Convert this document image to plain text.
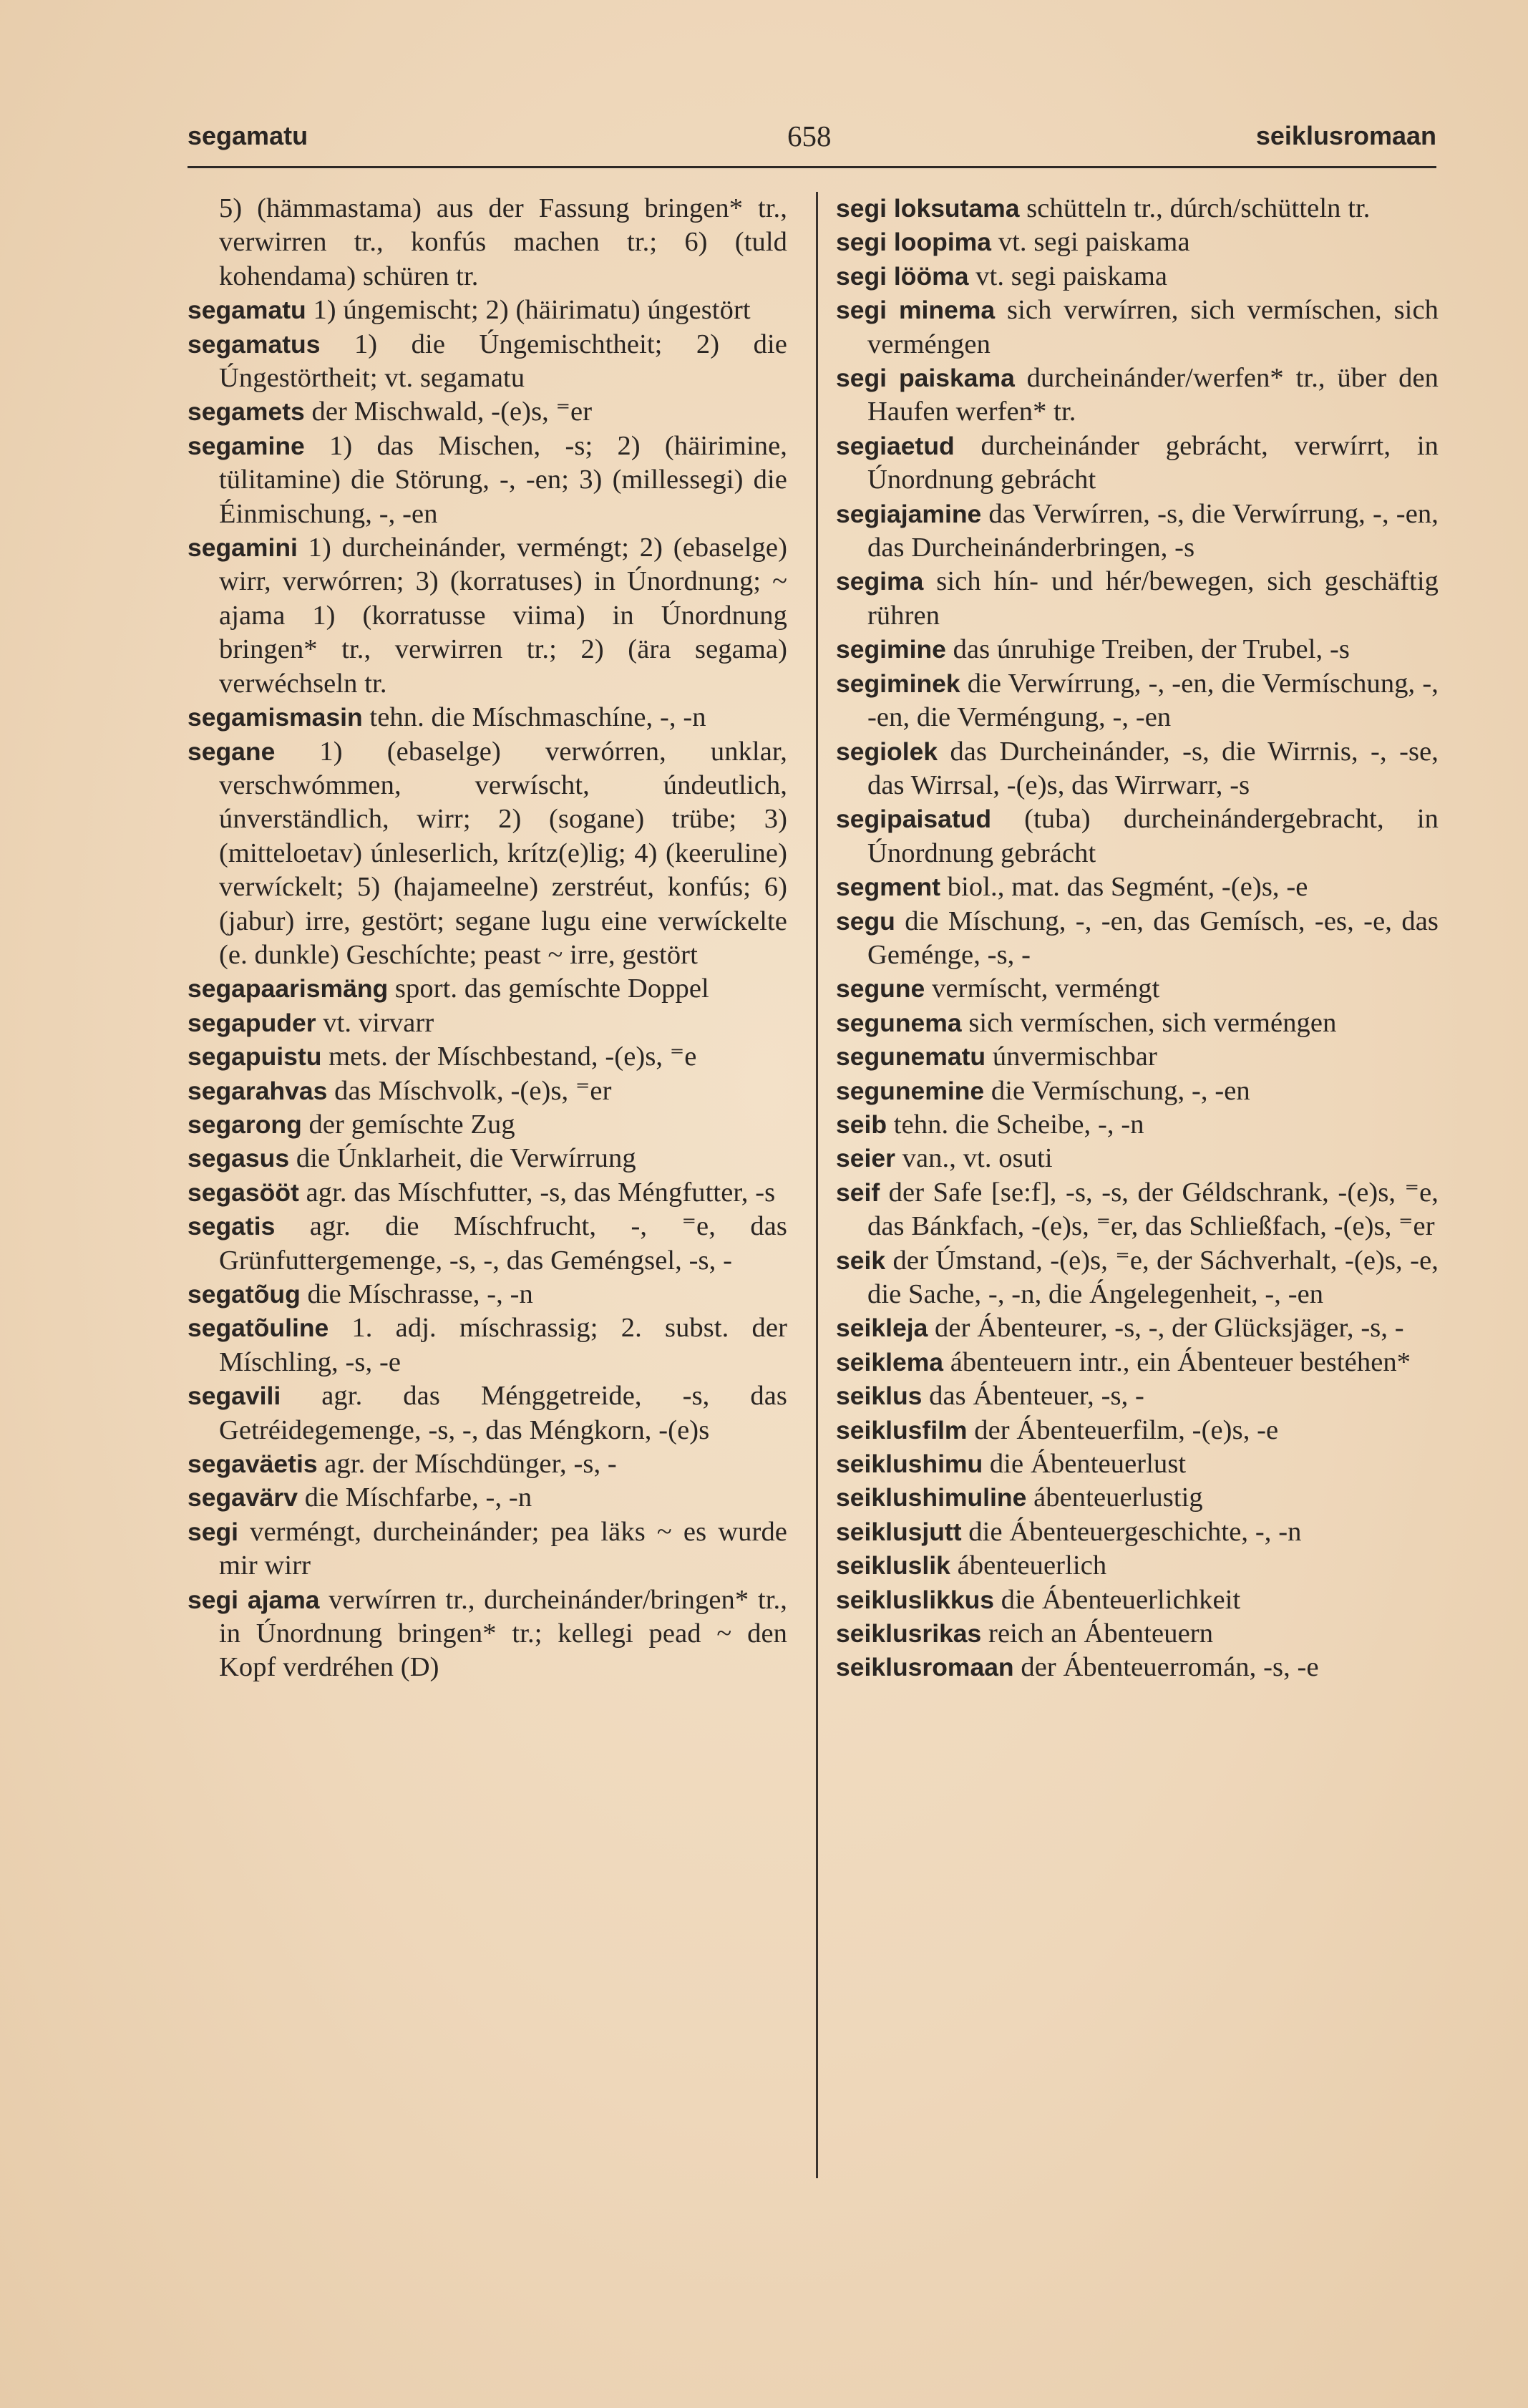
segamatu	658	seiklusromaan

5) (hämmastama) aus der Fassung bringen* tr., verwirren tr., konfús machen tr.; 6) (tuld kohendama) schüren tr.

segamatu 1) úngemischt; 2) (häirimatu) úngestört

segamatus 1) die Úngemischtheit; 2) die Úngestörtheit; vt. segamatu

segamets der Mischwald, -(e)s, ⁼er

segamine 1) das Mischen, -s; 2) (häirimine, tülitamine) die Störung, -, -en; 3) (millessegi) die Éinmischung, -, -en

segamini 1) durcheinánder, verméngt; 2) (ebaselge) wirr, verwórren; 3) (korratuses) in Únordnung; ~ ajama 1) (korratusse viima) in Únordnung bringen* tr., verwirren tr.; 2) (ära segama) verwéchseln tr.

segamismasin tehn. die Míschmaschíne, -, -n

segane 1) (ebaselge) verwórren, unklar, verschwómmen, verwíscht, úndeutlich, únverständlich, wirr; 2) (sogane) trübe; 3) (mitteloetav) únleserlich, krítz(e)lig; 4) (keeruline) verwíckelt; 5) (hajameelne) zerstréut, konfús; 6) (jabur) irre, gestört; segane lugu eine verwíckelte (e. dunkle) Geschíchte; peast ~ irre, gestört

segapaarismäng sport. das gemíschte Doppel

segapuder vt. virvarr

segapuistu mets. der Míschbestand, -(e)s, ⁼e

segarahvas das Míschvolk, -(e)s, ⁼er

segarong der gemíschte Zug

segasus die Únklarheit, die Verwírrung

segasööt agr. das Míschfutter, -s, das Méngfutter, -s

segatis agr. die Míschfrucht, -, ⁼e, das Grünfuttergemenge, -s, -, das Geméngsel, -s, -

segatõug die Míschrasse, -, -n

segatõuline 1. adj. míschrassig; 2. subst. der Míschling, -s, -e

segavili agr. das Ménggetreide, -s, das Getréidegemenge, -s, -, das Méngkorn, -(e)s

segaväetis agr. der Míschdünger, -s, -

segavärv die Míschfarbe, -, -n

segi verméngt, durcheinánder; pea läks ~ es wurde mir wirr

segi ajama verwírren tr., durcheinánder/bringen* tr., in Únordnung bringen* tr.; kellegi pead ~ den Kopf verdréhen (D)

segi loksutama schütteln tr., dúrch/schütteln tr.

segi loopima vt. segi paiskama

segi lööma vt. segi paiskama

segi minema sich verwírren, sich vermíschen, sich verméngen

segi paiskama durcheinánder/werfen* tr., über den Haufen werfen* tr.

segiaetud durcheinánder gebrácht, verwírrt, in Únordnung gebrácht

segiajamine das Verwírren, -s, die Verwírrung, -, -en, das Durcheinánderbringen, -s

segima sich hín- und hér/bewegen, sich geschäftig rühren

segimine das únruhige Treiben, der Trubel, -s

segiminek die Verwírrung, -, -en, die Vermíschung, -, -en, die Verméngung, -, -en

segiolek das Durcheinánder, -s, die Wirrnis, -, -se, das Wirrsal, -(e)s, das Wirrwarr, -s

segipaisatud (tuba) durcheinándergebracht, in Únordnung gebrácht

segment biol., mat. das Segmént, -(e)s, -e

segu die Míschung, -, -en, das Gemísch, -es, -e, das Geménge, -s, -

segune vermíscht, verméngt

segunema sich vermíschen, sich verméngen

segunematu únvermischbar

segunemine die Vermíschung, -, -en

seib tehn. die Scheibe, -, -n

seier van., vt. osuti

seif der Safe [se:f], -s, -s, der Géldschrank, -(e)s, ⁼e, das Bánkfach, -(e)s, ⁼er, das Schließfach, -(e)s, ⁼er

seik der Úmstand, -(e)s, ⁼e, der Sáchverhalt, -(e)s, -e, die Sache, -, -n, die Ángelegenheit, -, -en

seikleja der Ábenteurer, -s, -, der Glücksjäger, -s, -

seiklema ábenteuern intr., ein Ábenteuer bestéhen*

seiklus das Ábenteuer, -s, -

seiklusfilm der Ábenteuerfilm, -(e)s, -e

seiklushimu die Ábenteuerlust

seiklushimuline ábenteuerlustig

seiklusjutt die Ábenteuergeschichte, -, -n

seikluslik ábenteuerlich

seikluslikkus die Ábenteuerlichkeit

seiklusrikas reich an Ábenteuern

seiklusromaan der Ábenteuerromán, -s, -e
